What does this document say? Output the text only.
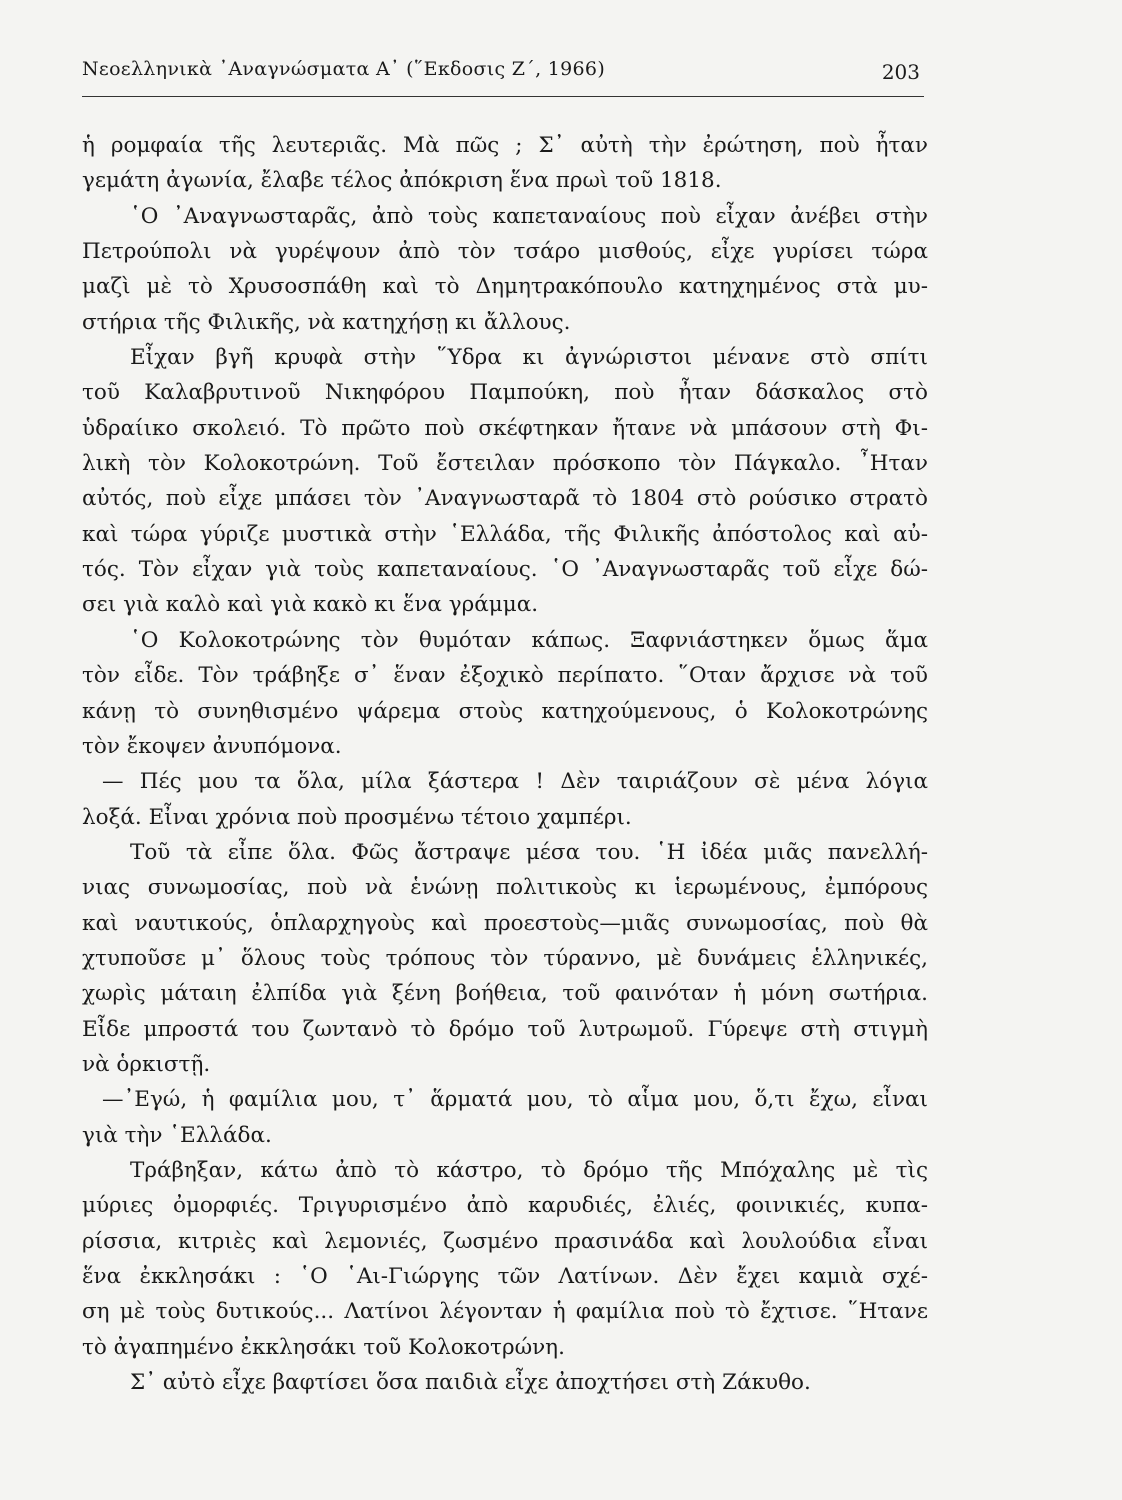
Νεοελληνικὰ ᾿Αναγνώσματα Α᾿ (῞Εκδοσις Ζ΄, 1966)	203
ἡ ρομφαία τῆς λευτεριᾶς. Μὰ πῶς ; Σ᾿ αὐτὴ τὴν ἐρώτηση, ποὺ ἦταν
γεμάτη ἀγωνία, ἔλαβε τέλος ἀπόκριση ἕνα πρωὶ τοῦ 1818.
῾Ο ᾿Αναγνωσταρᾶς, ἀπὸ τοὺς καπεταναίους ποὺ εἶχαν ἀνέβει στὴν
Πετρούπολι νὰ γυρέψουν ἀπὸ τὸν τσάρο μισθούς, εἶχε γυρίσει τώρα
μαζὶ μὲ τὸ Χρυσοσπάθη καὶ τὸ Δημητρακόπουλο κατηχημένος στὰ μυ-
στήρια τῆς Φιλικῆς, νὰ κατηχήσῃ κι ἄλλους.
Εἶχαν βγῆ κρυφὰ στὴν ῞Υδρα κι ἀγνώριστοι μένανε στὸ σπίτι
τοῦ Καλαβρυτινοῦ Νικηφόρου Παμπούκη, ποὺ ἦταν δάσκαλος στὸ
ὑδραίικο σκολειό. Τὸ πρῶτο ποὺ σκέφτηκαν ἤτανε νὰ μπάσουν στὴ Φι-
λικὴ τὸν Κολοκοτρώνη. Τοῦ ἔστειλαν πρόσκοπο τὸν Πάγκαλο. ῏Ηταν
αὐτός, ποὺ εἶχε μπάσει τὸν ᾿Αναγνωσταρᾶ τὸ 1804 στὸ ρούσικο στρατὸ
καὶ τώρα γύριζε μυστικὰ στὴν ῾Ελλάδα, τῆς Φιλικῆς ἀπόστολος καὶ αὐ-
τός. Τὸν εἶχαν γιὰ τοὺς καπεταναίους. ῾Ο ᾿Αναγνωσταρᾶς τοῦ εἶχε δώ-
σει γιὰ καλὸ καὶ γιὰ κακὸ κι ἕνα γράμμα.
῾Ο Κολοκοτρώνης τὸν θυμόταν κάπως. Ξαφνιάστηκεν ὅμως ἅμα
τὸν εἶδε. Τὸν τράβηξε σ᾿ ἕναν ἐξοχικὸ περίπατο. ῞Οταν ἄρχισε νὰ τοῦ
κάνῃ τὸ συνηθισμένο ψάρεμα στοὺς κατηχούμενους, ὁ Κολοκοτρώνης
τὸν ἔκοψεν ἀνυπόμονα.
— Πές μου τα ὅλα, μίλα ξάστερα ! Δὲν ταιριάζουν σὲ μένα λόγια
λοξά. Εἶναι χρόνια ποὺ προσμένω τέτοιο χαμπέρι.
Τοῦ τὰ εἶπε ὅλα. Φῶς ἄστραψε μέσα του. ῾Η ἰδέα μιᾶς πανελλή-
νιας συνωμοσίας, ποὺ νὰ ἑνώνῃ πολιτικοὺς κι ἱερωμένους, ἐμπόρους
καὶ ναυτικούς, ὁπλαρχηγοὺς καὶ προεστοὺς—μιᾶς συνωμοσίας, ποὺ θὰ
χτυποῦσε μ᾿ ὅλους τοὺς τρόπους τὸν τύραννο, μὲ δυνάμεις ἑλληνικές,
χωρὶς μάταιη ἐλπίδα γιὰ ξένη βοήθεια, τοῦ φαινόταν ἡ μόνη σωτήρια.
Εἶδε μπροστά του ζωντανὸ τὸ δρόμο τοῦ λυτρωμοῦ. Γύρεψε στὴ στιγμὴ
νὰ ὁρκιστῇ.
—᾿Εγώ, ἡ φαμίλια μου, τ᾿ ἅρματά μου, τὸ αἷμα μου, ὅ,τι ἔχω, εἶναι
γιὰ τὴν ῾Ελλάδα.
Τράβηξαν, κάτω ἀπὸ τὸ κάστρο, τὸ δρόμο τῆς Μπόχαλης μὲ τὶς
μύριες ὀμορφιές. Τριγυρισμένο ἀπὸ καρυδιές, ἐλιές, φοινικιές, κυπα-
ρίσσια, κιτριὲς καὶ λεμονιές, ζωσμένο πρασινάδα καὶ λουλούδια εἶναι
ἕνα ἐκκλησάκι : ῾Ο ῾Αι-Γιώργης τῶν Λατίνων. Δὲν ἔχει καμιὰ σχέ-
ση μὲ τοὺς δυτικούς... Λατίνοι λέγονταν ἡ φαμίλια ποὺ τὸ ἔχτισε. ῞Ητανε
τὸ ἀγαπημένο ἐκκλησάκι τοῦ Κολοκοτρώνη.
Σ᾿ αὐτὸ εἶχε βαφτίσει ὅσα παιδιὰ εἶχε ἀποχτήσει στὴ Ζάκυθο.
